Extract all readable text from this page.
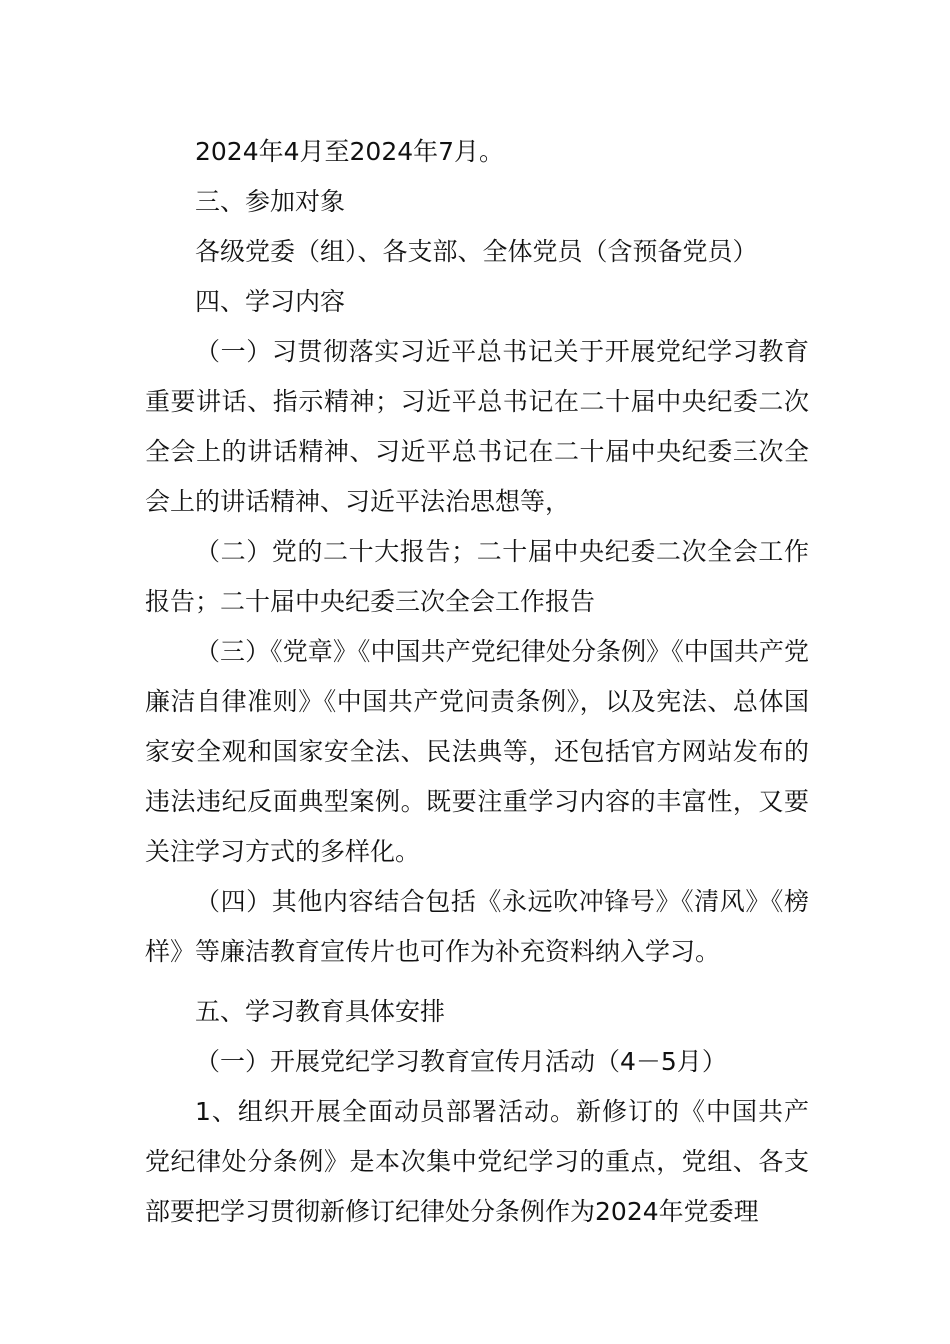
2024年4月至2024年7月。

三、参加对象

各级党委（组）、各支部、全体党员（含预备党员）

四、学习内容

（一）习贯彻落实习近平总书记关于开展党纪学习教育重要讲话、指示精神；习近平总书记在二十届中央纪委二次全会上的讲话精神、习近平总书记在二十届中央纪委三次全会上的讲话精神、习近平法治思想等，

（二）党的二十大报告；二十届中央纪委二次全会工作报告；二十届中央纪委三次全会工作报告

（三）《党章》《中国共产党纪律处分条例》《中国共产党廉洁自律准则》《中国共产党问责条例》，以及宪法、总体国家安全观和国家安全法、民法典等，还包括官方网站发布的违法违纪反面典型案例。既要注重学习内容的丰富性，又要关注学习方式的多样化。

（四）其他内容结合包括《永远吹冲锋号》《清风》《榜样》等廉洁教育宣传片也可作为补充资料纳入学习。

五、学习教育具体安排

（一）开展党纪学习教育宣传月活动（4－5月）

1、组织开展全面动员部署活动。新修订的《中国共产党纪律处分条例》是本次集中党纪学习的重点，党组、各支部要把学习贯彻新修订纪律处分条例作为2024年党委理
